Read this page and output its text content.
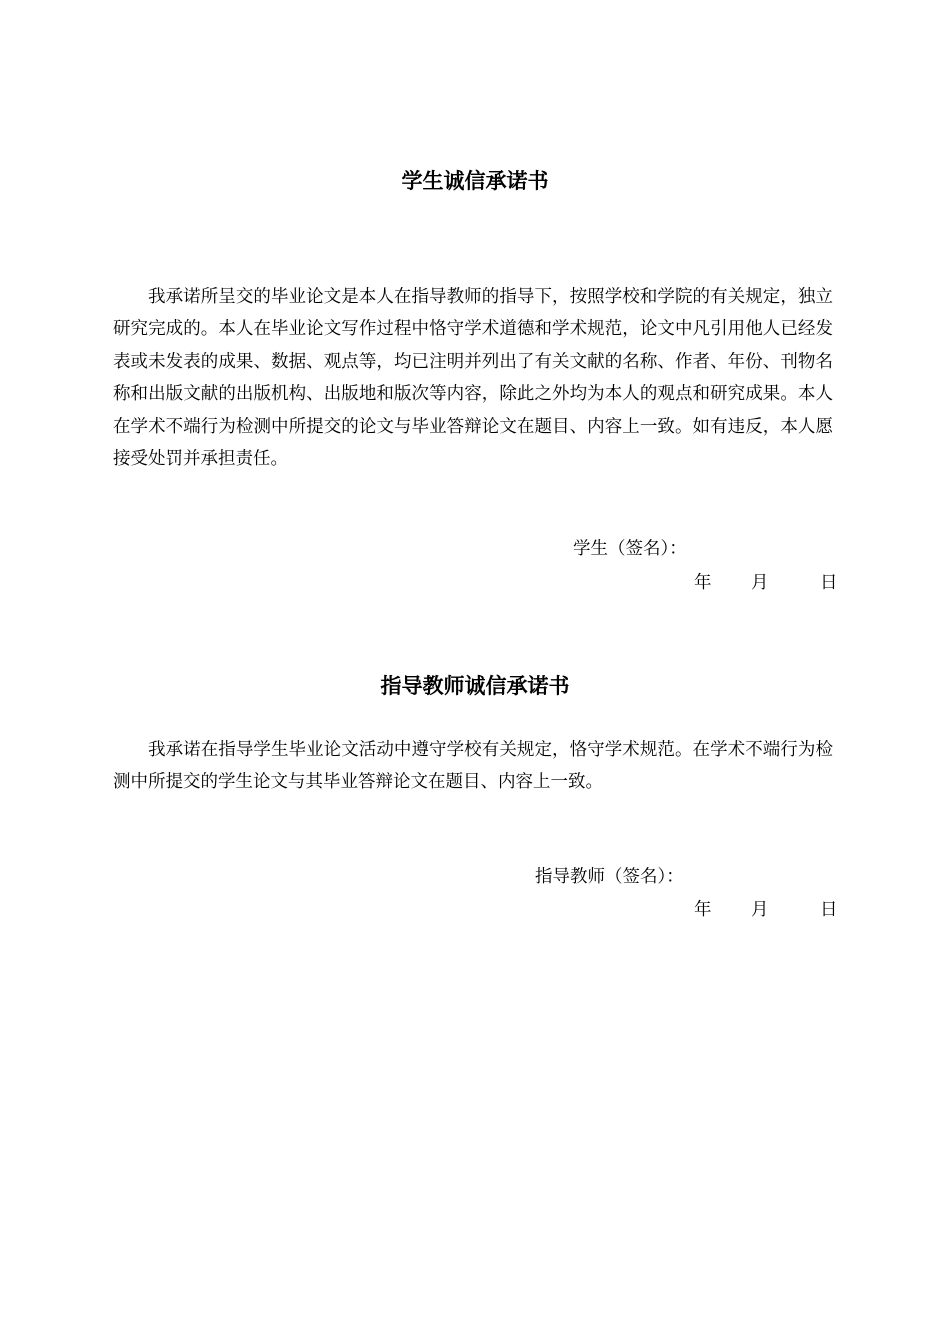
学生诚信承诺书

我承诺所呈交的毕业论文是本人在指导教师的指导下，按照学校和学院的有关规定，独立研究完成的。本人在毕业论文写作过程中恪守学术道德和学术规范，论文中凡引用他人已经发表或未发表的成果、数据、观点等，均已注明并列出了有关文献的名称、作者、年份、刊物名称和出版文献的出版机构、出版地和版次等内容，除此之外均为本人的观点和研究成果。本人在学术不端行为检测中所提交的论文与毕业答辩论文在题目、内容上一致。如有违反，本人愿接受处罚并承担责任。

学生（签名）：
年 月	日
指导教师诚信承诺书

我承诺在指导学生毕业论文活动中遵守学校有关规定，恪守学术规范。在学术不端行为检测中所提交的学生论文与其毕业答辩论文在题目、内容上一致。

指导教师（签名）：
年 月	日
